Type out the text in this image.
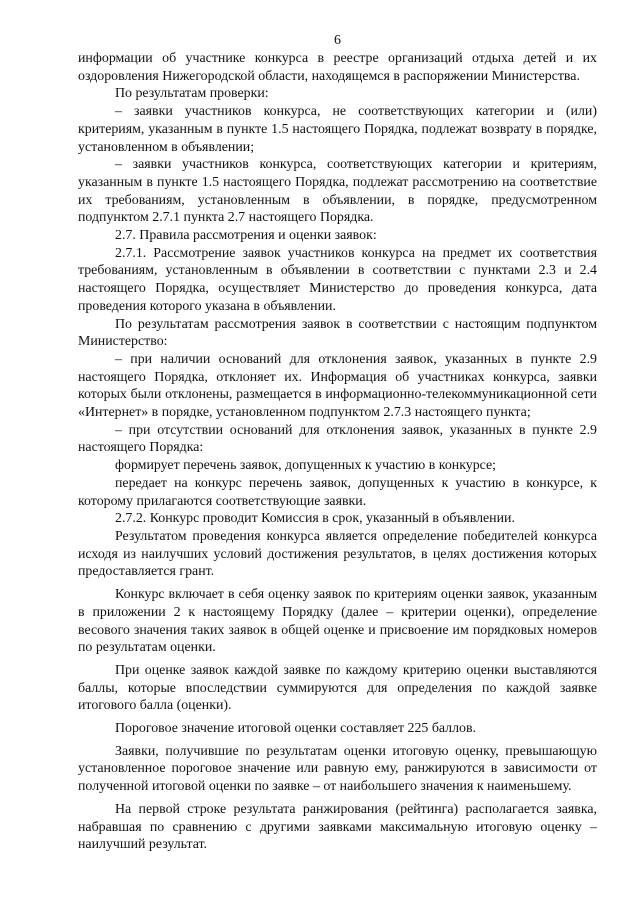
6

информации об участнике конкурса в реестре организаций отдыха детей и их оздоровления Нижегородской области, находящемся в распоряжении Министерства.

По результатам проверки:

– заявки участников конкурса, не соответствующих категории и (или) критериям, указанным в пункте 1.5 настоящего Порядка, подлежат возврату в порядке, установленном в объявлении;

– заявки участников конкурса, соответствующих категории и критериям, указанным в пункте 1.5 настоящего Порядка, подлежат рассмотрению на соответствие их требованиям, установленным в объявлении, в порядке, предусмотренном подпунктом 2.7.1 пункта 2.7 настоящего Порядка.

2.7. Правила рассмотрения и оценки заявок:

2.7.1. Рассмотрение заявок участников конкурса на предмет их соответствия требованиям, установленным в объявлении в соответствии с пунктами 2.3 и 2.4 настоящего Порядка, осуществляет Министерство до проведения конкурса, дата проведения которого указана в объявлении.

По результатам рассмотрения заявок в соответствии с настоящим подпунктом Министерство:

– при наличии оснований для отклонения заявок, указанных в пункте 2.9 настоящего Порядка, отклоняет их. Информация об участниках конкурса, заявки которых были отклонены, размещается в информационно-телекоммуникационной сети «Интернет» в порядке, установленном подпунктом 2.7.3 настоящего пункта;

– при отсутствии оснований для отклонения заявок, указанных в пункте 2.9 настоящего Порядка:

формирует перечень заявок, допущенных к участию в конкурсе;

передает на конкурс перечень заявок, допущенных к участию в конкурсе, к которому прилагаются соответствующие заявки.

2.7.2. Конкурс проводит Комиссия в срок, указанный в объявлении.

Результатом проведения конкурса является определение победителей конкурса исходя из наилучших условий достижения результатов, в целях достижения которых предоставляется грант.

Конкурс включает в себя оценку заявок по критериям оценки заявок, указанным в приложении 2 к настоящему Порядку (далее – критерии оценки), определение весового значения таких заявок в общей оценке и присвоение им порядковых номеров по результатам оценки.

При оценке заявок каждой заявке по каждому критерию оценки выставляются баллы, которые впоследствии суммируются для определения по каждой заявке итогового балла (оценки).

Пороговое значение итоговой оценки составляет 225 баллов.

Заявки, получившие по результатам оценки итоговую оценку, превышающую установленное пороговое значение или равную ему, ранжируются в зависимости от полученной итоговой оценки по заявке – от наибольшего значения к наименьшему.

На первой строке результата ранжирования (рейтинга) располагается заявка, набравшая по сравнению с другими заявками максимальную итоговую оценку – наилучший результат.
